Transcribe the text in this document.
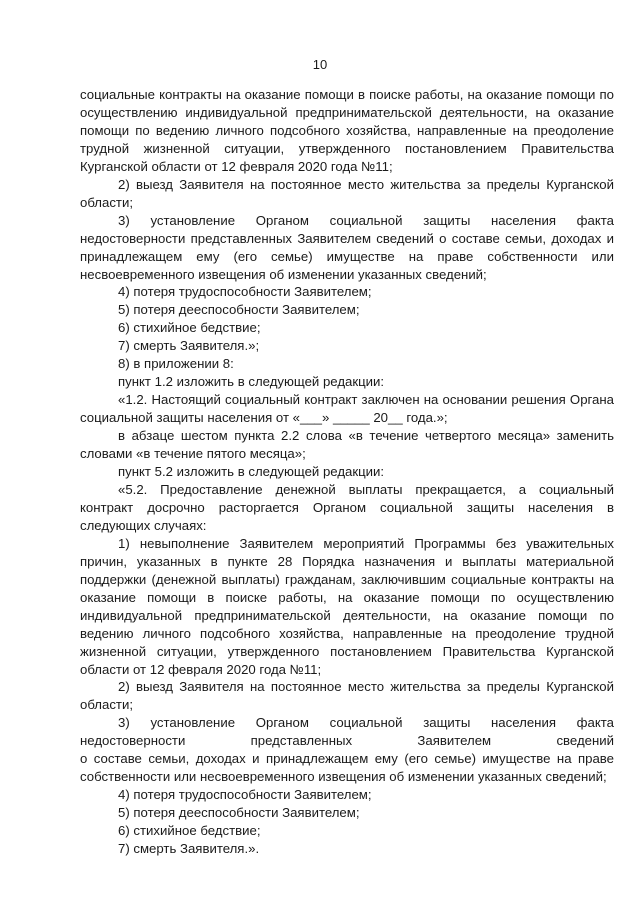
10

социальные контракты на оказание помощи в поиске работы, на оказание помощи по осуществлению индивидуальной предпринимательской деятельности, на оказание помощи по ведению личного подсобного хозяйства, направленные на преодоление трудной жизненной ситуации, утвержденного постановлением Правительства Курганской области от 12 февраля 2020 года №11;

2) выезд Заявителя на постоянное место жительства за пределы Курганской области;

3) установление Органом социальной защиты населения факта недостоверности представленных Заявителем сведений о составе семьи, доходах и принадлежащем ему (его семье) имуществе на праве собственности или несвоевременного извещения об изменении указанных сведений;

4) потеря трудоспособности Заявителем;

5) потеря дееспособности Заявителем;

6) стихийное бедствие;

7) смерть Заявителя.»;

8) в приложении 8:

пункт 1.2 изложить в следующей редакции:

«1.2. Настоящий социальный контракт заключен на основании решения Органа социальной защиты населения от «___» _____ 20__ года.»;

в абзаце шестом пункта 2.2 слова «в течение четвертого месяца» заменить словами «в течение пятого месяца»;

пункт 5.2 изложить в следующей редакции:

«5.2. Предоставление денежной выплаты прекращается, а социальный контракт досрочно расторгается Органом социальной защиты населения в следующих случаях:

1) невыполнение Заявителем мероприятий Программы без уважительных причин, указанных в пункте 28 Порядка назначения и выплаты материальной поддержки (денежной выплаты) гражданам, заключившим социальные контракты на оказание помощи в поиске работы, на оказание помощи по осуществлению индивидуальной предпринимательской деятельности, на оказание помощи по ведению личного подсобного хозяйства, направленные на преодоление трудной жизненной ситуации, утвержденного постановлением Правительства Курганской области от 12 февраля 2020 года №11;

2) выезд Заявителя на постоянное место жительства за пределы Курганской области;

3) установление Органом социальной защиты населения факта недостоверности представленных Заявителем сведений

о составе семьи, доходах и принадлежащем ему (его семье) имуществе на праве собственности или несвоевременного извещения об изменении указанных сведений;

4) потеря трудоспособности Заявителем;

5) потеря дееспособности Заявителем;

6) стихийное бедствие;

7) смерть Заявителя.».
